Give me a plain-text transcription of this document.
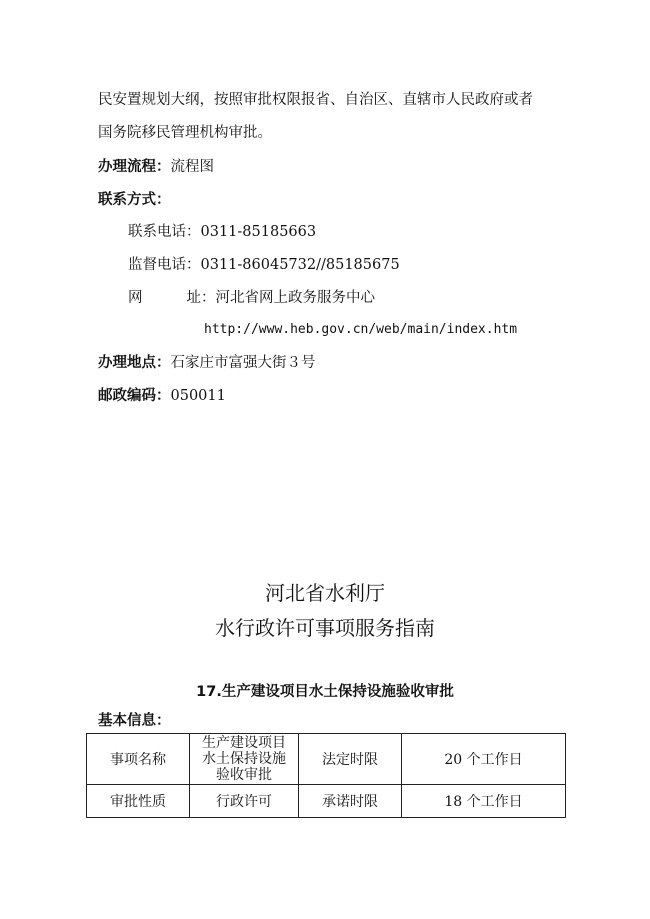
民安置规划大纲，按照审批权限报省、自治区、直辖市人民政府或者
国务院移民管理机构审批。
办理流程：流程图
联系方式：
联系电话：0311-85185663
监督电话：0311-86045732//85185675
网	址：河北省网上政务服务中心
http://www.heb.gov.cn/web/main/index.htm
办理地点：石家庄市富强大街３号
邮政编码：050011
河北省水利厅
水行政许可事项服务指南
17.生产建设项目水土保持设施验收审批
基本信息：
事项名称	生产建设项目水土保持设施验收审批	法定时限	20 个工作日
审批性质	行政许可	承诺时限	18 个工作日
